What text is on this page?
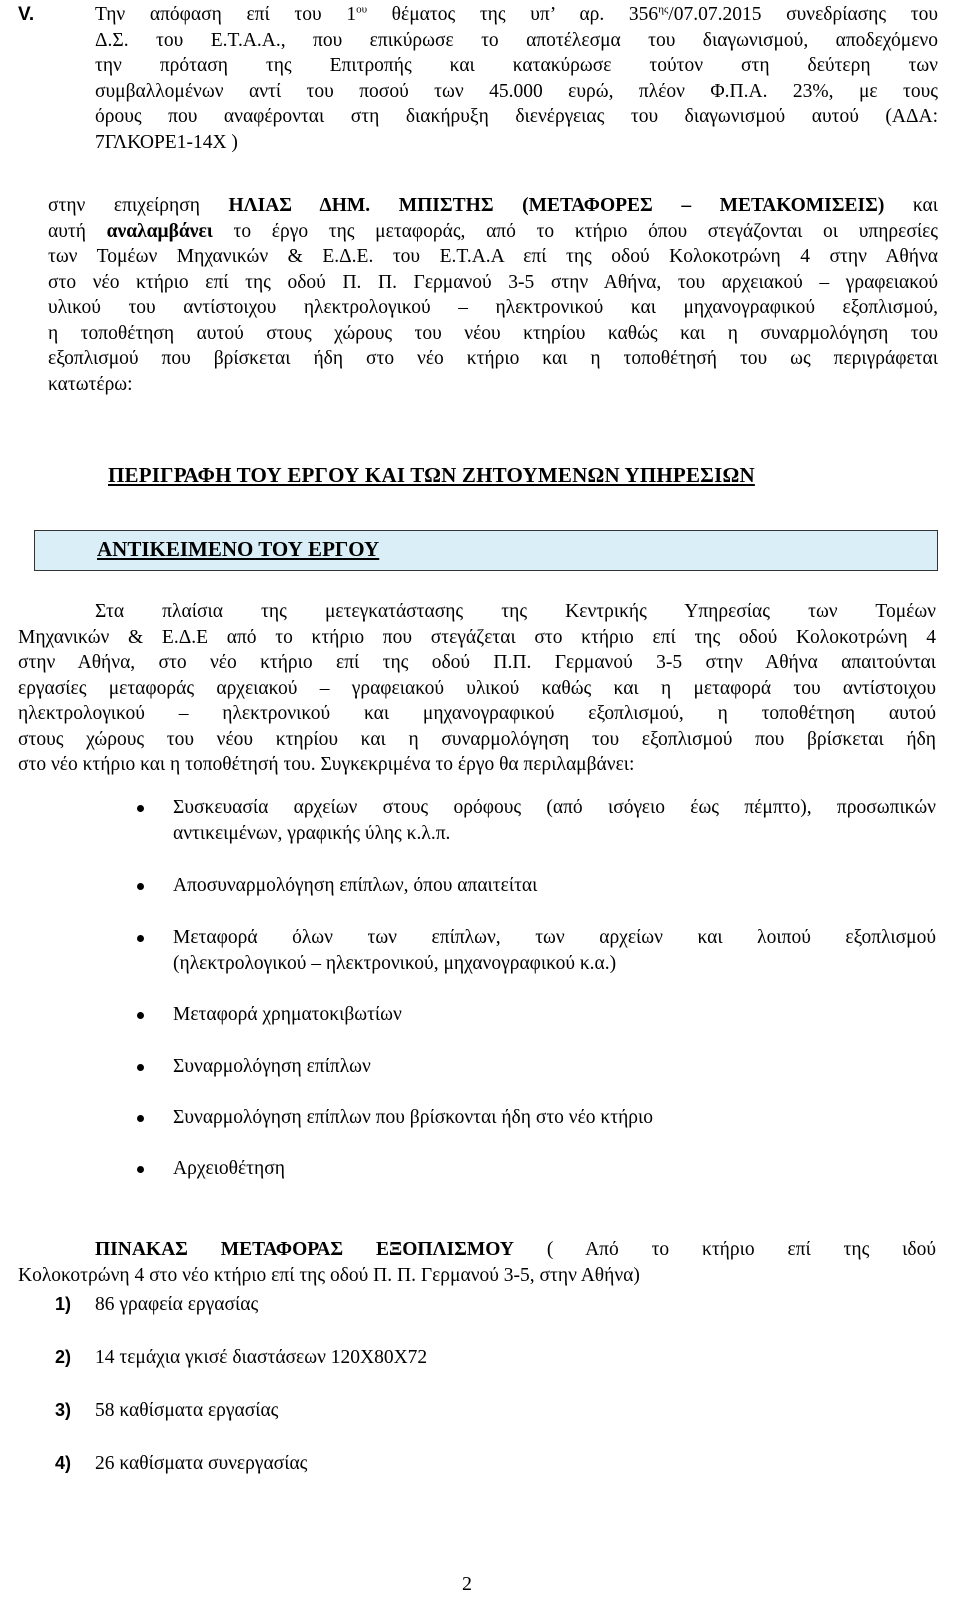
V.	Την απόφαση επί του $1^{o\upsilon}$ θέματος της υπ’ αρ. $356^{\eta\varsigma}/07.07.2015$ συνεδρίασης του
Δ.Σ. του Ε.Τ.Α.Α., που επικύρωσε το αποτέλεσμα του διαγωνισμού, αποδεχόμενο
την πρόταση της Επιτροπής και κατακύρωσε τούτον στη δεύτερη των
συμβαλλομένων αντί του ποσού των 45.000 ευρώ, πλέον Φ.Π.Α. 23%, με τους
όρους που αναφέρονται στη διακήρυξη διενέργειας του διαγωνισμού αυτού (ΑΔΑ:
7ΓΛΚΟΡΕ1-14Χ )
στην επιχείρηση ΗΛΙΑΣ ΔΗΜ. ΜΠΙΣΤΗΣ (ΜΕΤΑΦΟΡΕΣ – ΜΕΤΑΚΟΜΙΣΕΙΣ) και
αυτή αναλαμβάνει το έργο της μεταφοράς, από το κτήριο όπου στεγάζονται οι υπηρεσίες
των Τομέων Μηχανικών & Ε.Δ.Ε. του Ε.Τ.Α.Α επί της οδού Κολοκοτρώνη 4 στην Αθήνα
στο νέο κτήριο επί της οδού Π. Π. Γερμανού 3-5 στην Αθήνα, του αρχειακού – γραφειακού
υλικού του αντίστοιχου ηλεκτρολογικού – ηλεκτρονικού και μηχανογραφικού εξοπλισμού,
η τοποθέτηση αυτού στους χώρους του νέου κτηρίου καθώς και η συναρμολόγηση του
εξοπλισμού που βρίσκεται ήδη στο νέο κτήριο και η τοποθέτησή του ως περιγράφεται
κατωτέρω:
ΠΕΡΙΓΡΑΦΗ ΤΟΥ ΕΡΓΟΥ ΚΑΙ ΤΩΝ ΖΗΤΟΥΜΕΝΩΝ ΥΠΗΡΕΣΙΩΝ
ΑΝΤΙΚΕΙΜΕΝΟ ΤΟΥ ΕΡΓΟΥ
Στα πλαίσια της μετεγκατάστασης της Κεντρικής Υπηρεσίας των Τομέων
Μηχανικών & Ε.Δ.Ε από το κτήριο που στεγάζεται στο κτήριο επί της οδού Κολοκοτρώνη 4
στην Αθήνα, στο νέο κτήριο επί της οδού Π.Π. Γερμανού 3-5 στην Αθήνα απαιτούνται
εργασίες μεταφοράς αρχειακού – γραφειακού υλικού καθώς και η μεταφορά του αντίστοιχου
ηλεκτρολογικού – ηλεκτρονικού και μηχανογραφικού εξοπλισμού, η τοποθέτηση αυτού
στους χώρους του νέου κτηρίου και η συναρμολόγηση του εξοπλισμού που βρίσκεται ήδη
στο νέο κτήριο και η τοποθέτησή του. Συγκεκριμένα το έργο θα περιλαμβάνει:
Συσκευασία αρχείων στους ορόφους (από ισόγειο έως πέμπτο), προσωπικών
αντικειμένων, γραφικής ύλης κ.λ.π.
Αποσυναρμολόγηση επίπλων, όπου απαιτείται
Μεταφορά όλων των επίπλων, των αρχείων και λοιπού εξοπλισμού
(ηλεκτρολογικού – ηλεκτρονικού, μηχανογραφικού κ.α.)
Μεταφορά χρηματοκιβωτίων
Συναρμολόγηση επίπλων
Συναρμολόγηση επίπλων που βρίσκονται ήδη στο νέο κτήριο
Αρχειοθέτηση
ΠΙΝΑΚΑΣ ΜΕΤΑΦΟΡΑΣ ΕΞΟΠΛΙΣΜΟΥ ( Από το κτήριο επί της ιδού
Κολοκοτρώνη 4 στο νέο κτήριο επί της οδού Π. Π. Γερμανού 3-5, στην Αθήνα)
1) 86 γραφεία εργασίας
2) 14 τεμάχια γκισέ διαστάσεων 120Χ80Χ72
3) 58 καθίσματα εργασίας
4) 26 καθίσματα συνεργασίας
2
